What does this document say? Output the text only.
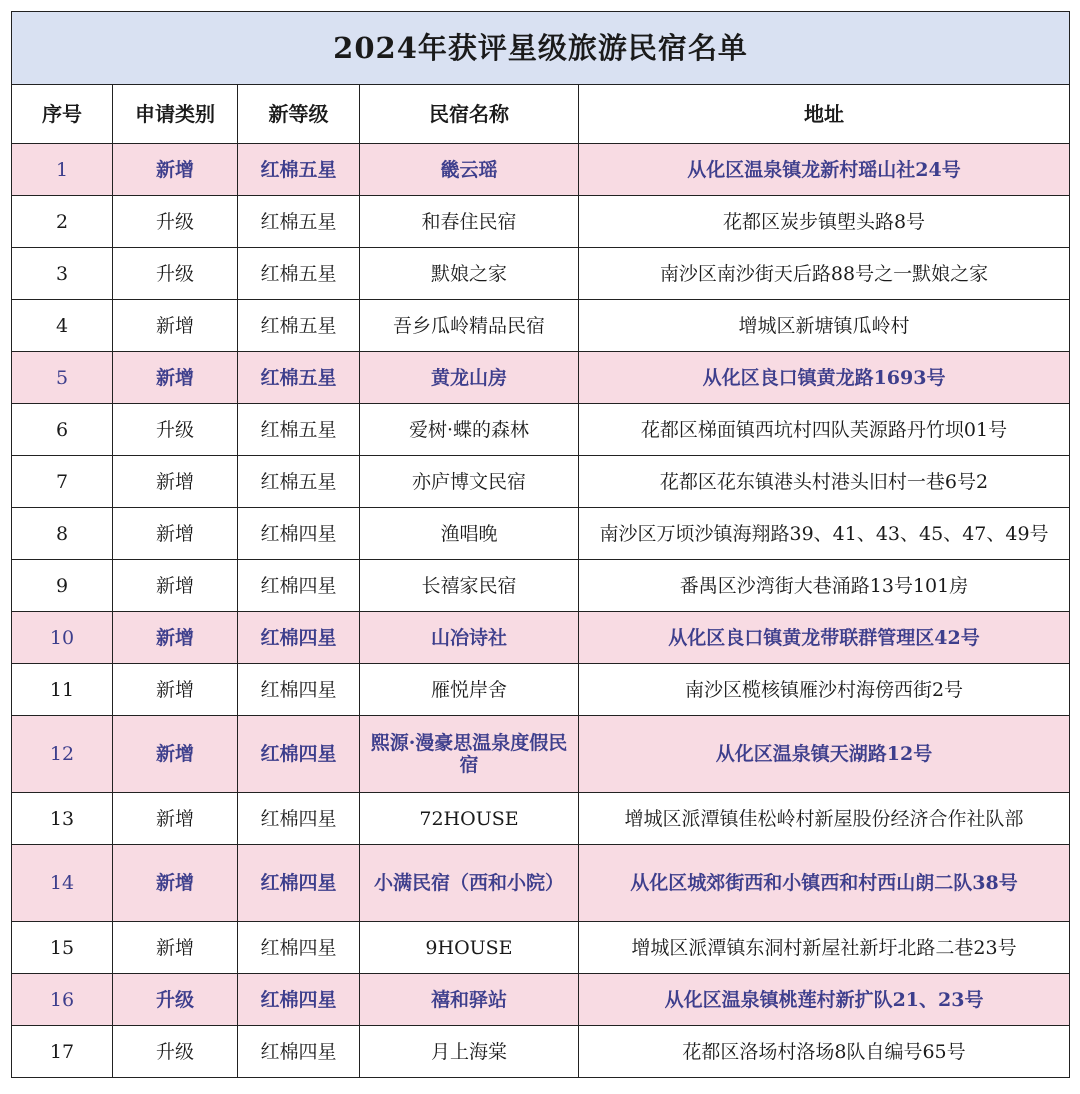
2024年获评星级旅游民宿名单				
序号	申请类别	新等级	民宿名称	地址
1	新增	红棉五星	畿云瑶	从化区温泉镇龙新村瑶山社24号
2	升级	红棉五星	和春住民宿	花都区炭步镇塱头路8号
3	升级	红棉五星	默娘之家	南沙区南沙街天后路88号之一默娘之家
4	新增	红棉五星	吾乡瓜岭精品民宿	增城区新塘镇瓜岭村
5	新增	红棉五星	黄龙山房	从化区良口镇黄龙路1693号
6	升级	红棉五星	爱树·蝶的森林	花都区梯面镇西坑村四队芙源路丹竹坝01号
7	新增	红棉五星	亦庐博文民宿	花都区花东镇港头村港头旧村一巷6号2
8	新增	红棉四星	渔唱晚	南沙区万顷沙镇海翔路39、41、43、45、47、49号
9	新增	红棉四星	长禧家民宿	番禺区沙湾街大巷涌路13号101房
10	新增	红棉四星	山冶诗社	从化区良口镇黄龙带联群管理区42号
11	新增	红棉四星	雁悦岸舍	南沙区榄核镇雁沙村海傍西街2号
12	新增	红棉四星	熙源·漫豪思温泉度假民宿	从化区温泉镇天湖路12号
13	新增	红棉四星	72HOUSE	增城区派潭镇佳松岭村新屋股份经济合作社队部
14	新增	红棉四星	小满民宿（西和小院）	从化区城郊街西和小镇西和村西山朗二队38号
15	新增	红棉四星	9HOUSE	增城区派潭镇东洞村新屋社新圩北路二巷23号
16	升级	红棉四星	禧和驿站	从化区温泉镇桃莲村新扩队21、23号
17	升级	红棉四星	月上海棠	花都区洛场村洛场8队自编号65号
